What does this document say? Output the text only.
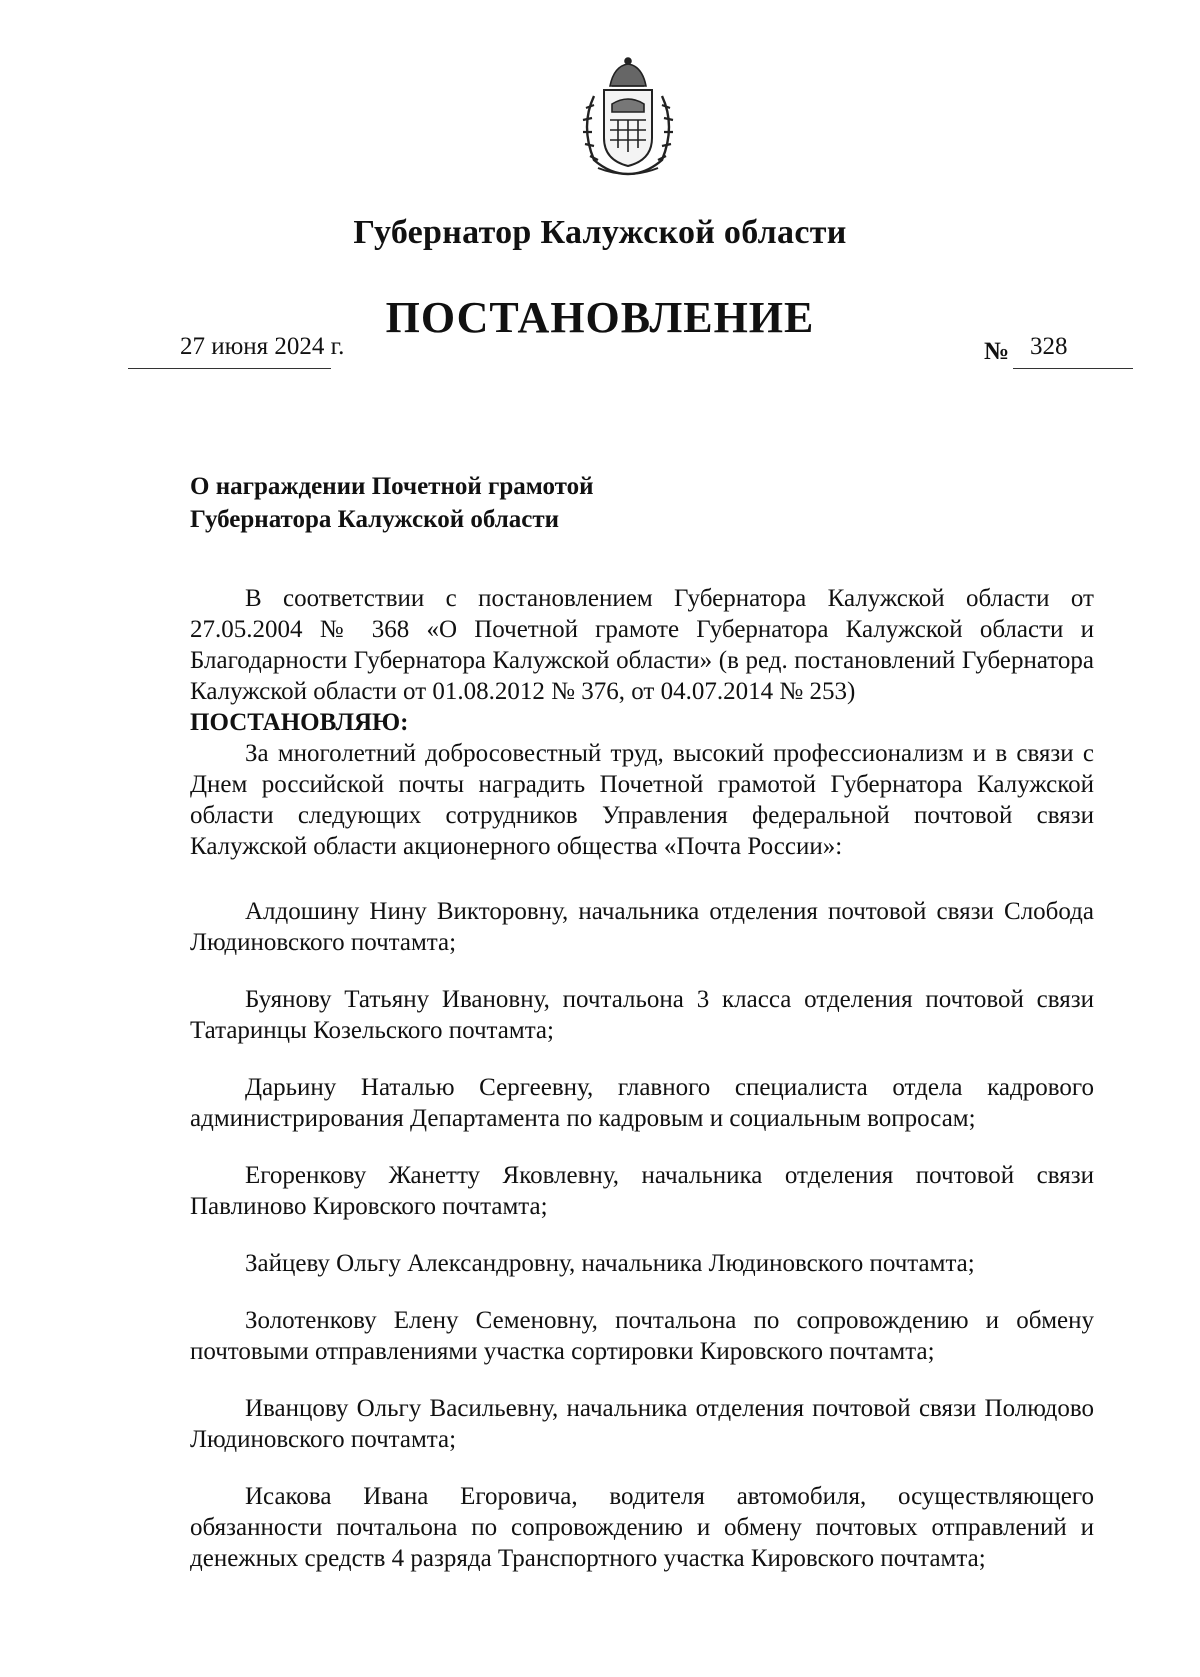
Губернатор Калужской области
ПОСТАНОВЛЕНИЕ
27 июня 2024 г.	№ 328
О награждении Почетной грамотой
Губернатора Калужской области

В соответствии с постановлением Губернатора Калужской области от 27.05.2004 № 368 «О Почетной грамоте Губернатора Калужской области и Благодарности Губернатора Калужской области» (в ред. постановлений Губернатора Калужской области от 01.08.2012 № 376, от 04.07.2014 № 253)

ПОСТАНОВЛЯЮ:

За многолетний добросовестный труд, высокий профессионализм и в связи с Днем российской почты наградить Почетной грамотой Губернатора Калужской области следующих сотрудников Управления федеральной почтовой связи Калужской области акционерного общества «Почта России»:

Алдошину Нину Викторовну, начальника отделения почтовой связи Слобода Людиновского почтамта;

Буянову Татьяну Ивановну, почтальона 3 класса отделения почтовой связи Татаринцы Козельского почтамта;

Дарьину Наталью Сергеевну, главного специалиста отдела кадрового администрирования Департамента по кадровым и социальным вопросам;

Егоренкову Жанетту Яковлевну, начальника отделения почтовой связи Павлиново Кировского почтамта;

Зайцеву Ольгу Александровну, начальника Людиновского почтамта;

Золотенкову Елену Семеновну, почтальона по сопровождению и обмену почтовыми отправлениями участка сортировки Кировского почтамта;

Иванцову Ольгу Васильевну, начальника отделения почтовой связи Полюдово Людиновского почтамта;

Исакова Ивана Егоровича, водителя автомобиля, осуществляющего обязанности почтальона по сопровождению и обмену почтовых отправлений и денежных средств 4 разряда Транспортного участка Кировского почтамта;
